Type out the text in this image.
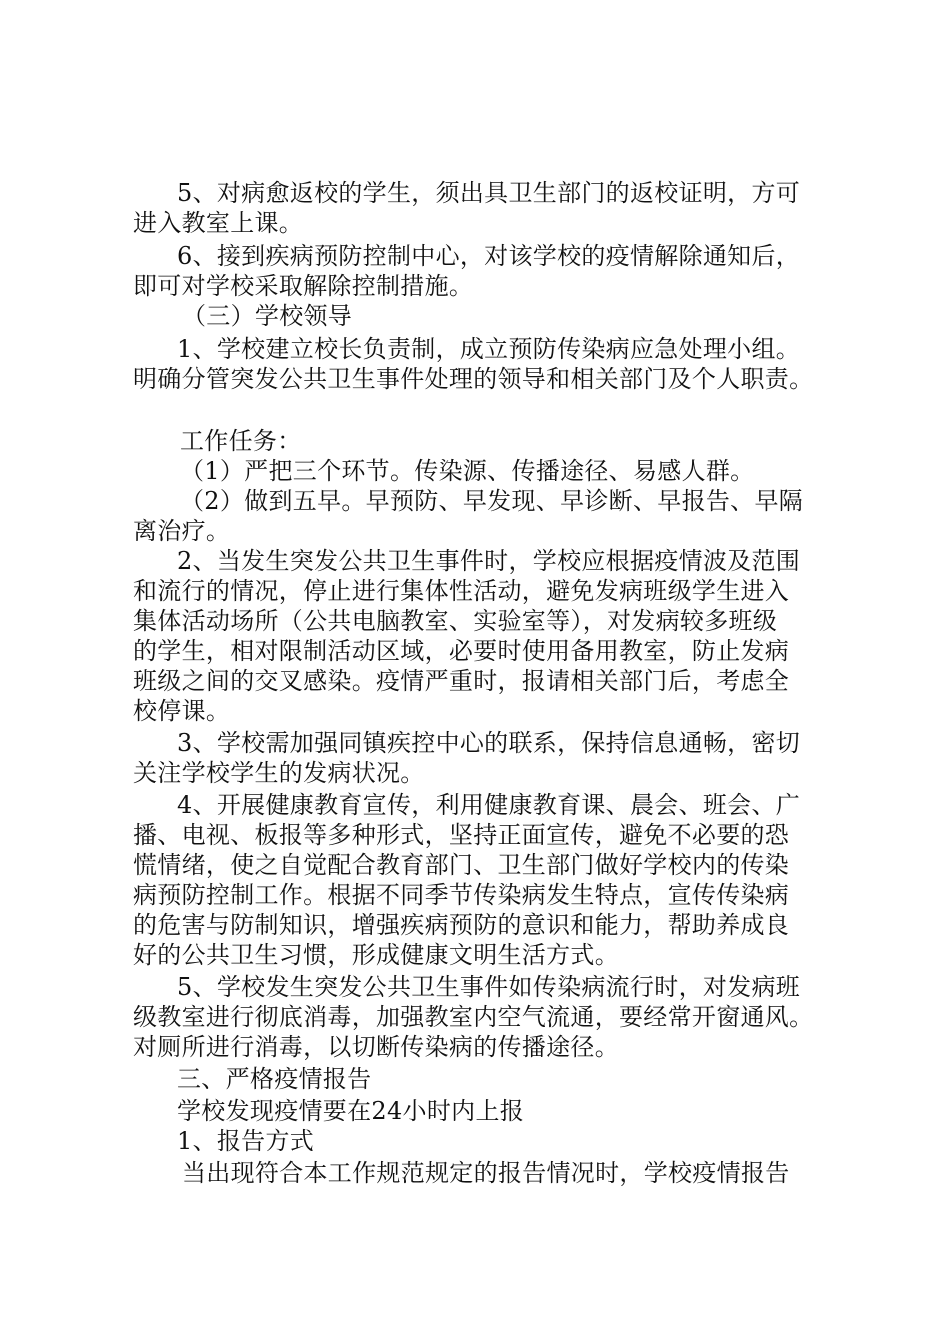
5、对病愈返校的学生，须出具卫生部门的返校证明，方可
进入教室上课。
6、接到疾病预防控制中心，对该学校的疫情解除通知后，
即可对学校采取解除控制措施。
（三）学校领导
1、学校建立校长负责制，成立预防传染病应急处理小组。
明确分管突发公共卫生事件处理的领导和相关部门及个人职责。
工作任务：
（1）严把三个环节。传染源、传播途径、易感人群。
（2）做到五早。早预防、早发现、早诊断、早报告、早隔
离治疗。
2、当发生突发公共卫生事件时，学校应根据疫情波及范围
和流行的情况，停止进行集体性活动，避免发病班级学生进入
集体活动场所（公共电脑教室、实验室等），对发病较多班级
的学生，相对限制活动区域，必要时使用备用教室，防止发病
班级之间的交叉感染。疫情严重时，报请相关部门后，考虑全
校停课。
3、学校需加强同镇疾控中心的联系，保持信息通畅，密切
关注学校学生的发病状况。
4、开展健康教育宣传，利用健康教育课、晨会、班会、广
播、电视、板报等多种形式，坚持正面宣传，避免不必要的恐
慌情绪，使之自觉配合教育部门、卫生部门做好学校内的传染
病预防控制工作。根据不同季节传染病发生特点，宣传传染病
的危害与防制知识，增强疾病预防的意识和能力，帮助养成良
好的公共卫生习惯，形成健康文明生活方式。
5、学校发生突发公共卫生事件如传染病流行时，对发病班
级教室进行彻底消毒，加强教室内空气流通，要经常开窗通风。
对厕所进行消毒，以切断传染病的传播途径。
三、严格疫情报告
学校发现疫情要在24小时内上报
1、报告方式
当出现符合本工作规范规定的报告情况时，学校疫情报告
